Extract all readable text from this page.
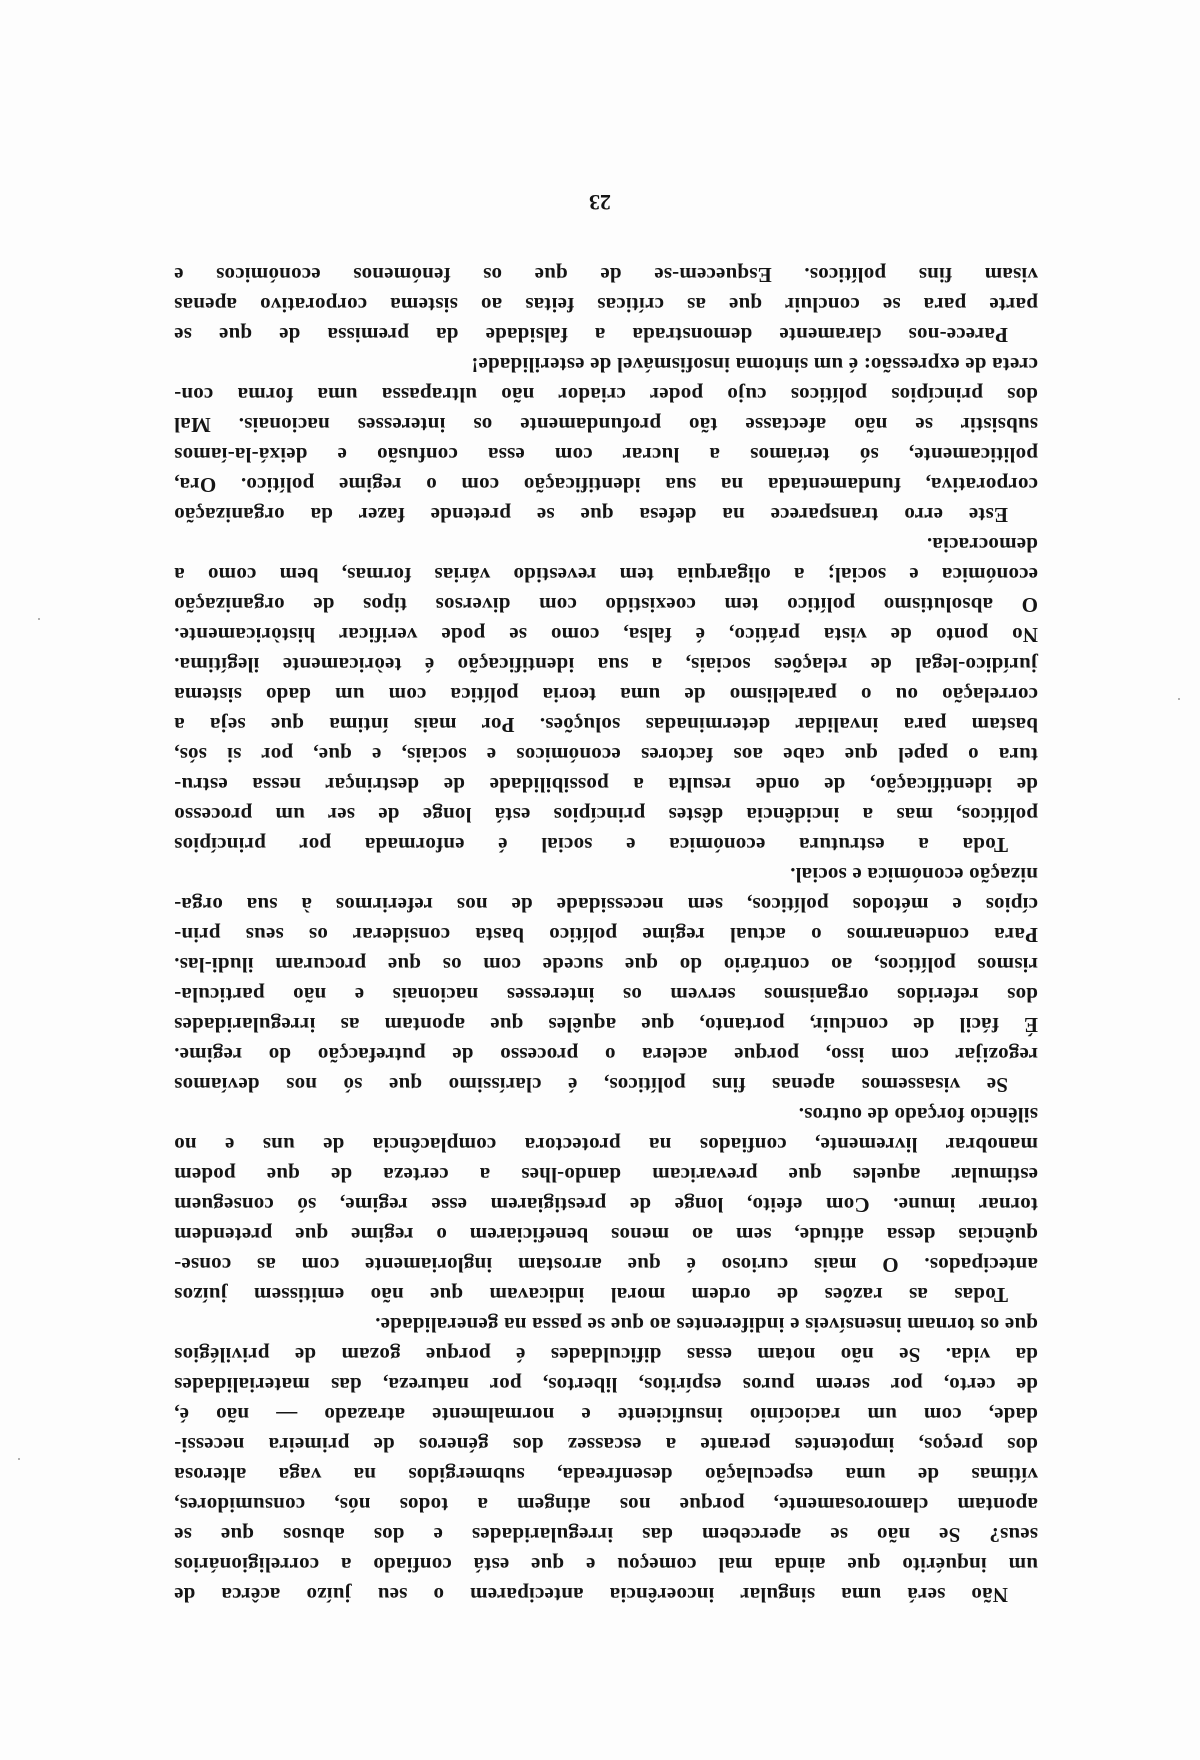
Não será uma singular incoerência anteciparem o seu juízo acêrca de
um inquérito que ainda mal começou e que está confiado a correligionários
seus? Se não se apercebem das irregularidades e dos abusos que se
apontam clamorosamente, porque nos atingem a todos nós, consumidores,
vítimas de uma especulação desenfreada, submergidos na vaga alterosa
dos preços, impotentes perante a escassez dos géneros de primeira necessi-
dade, com um raciocínio insuficiente e normalmente atrazado — não é,
de certo, por serem puros espíritos, libertos, por natureza, das materialidades
da vida. Se não notam essas dificuldades é porque gozam de privilégios
que os tornam insensíveis e indiferentes ao que se passa na generalidade.
Todas as razões de ordem moral indicavam que não emitissem juízos
antecipados. O mais curioso é que arrostam ingloriamente com as conse-
quências dessa atitude, sem ao menos beneficiarem o regime que pretendem
tornar imune. Com efeito, longe de prestigiarem esse regime, só conseguem
estimular aqueles que prevaricam dando-lhes a certeza de que podem
manobrar livremente, confiados na protectora complacência de uns e no
silêncio forçado de outros.
Se visassemos apenas fins políticos, é claríssimo que só nos devíamos
regozijar com isso, porque acelera o processo de putrefacção do regime.
É fácil de concluir, portanto, que aquêles que apontam as irregularidades
dos referidos organismos servem os interesses nacionais e não particula-
rismos políticos, ao contrário do que sucede com os que procuram iludi-las.
Para condenarmos o actual regime político basta considerar os seus prin-
cípios e métodos políticos, sem necessidade de nos referirmos à sua orga-
nização económica e social.
Toda a estrutura económica e social é enformada por princípios
políticos, mas a incidência dêstes princípios está longe de ser um processo
de identificação, de onde resulta a possibilidade de destrinçar nessa estru-
tura o papel que cabe aos factores económicos e sociais, e que, por si sós,
bastam para invalidar determinadas soluções. Por mais íntima que seja a
correlação ou o paralelismo de uma teoria política com um dado sistema
jurídico-legal de relações sociais, a sua identificação é teòricamente ilegítima.
No ponto de vista prático, é falsa, como se pode verificar històricamente.
O absolutismo político tem coexistido com diversos tipos de organização
económica e social; a oligarquia tem revestido várias formas, bem como a
democracia.
Este erro transparece na defesa que se pretende fazer da organização
corporativa, fundamentada na sua identificação com o regime político. Ora,
politicamente, só teríamos a lucrar com essa confusão e deixá-la-íamos
subsistir se não afectasse tão profundamente os interesses nacionais. Mal
dos princípios políticos cujo poder criador não ultrapassa uma forma con-
creta de expressão: é um sintoma insofismável de esterilidade!
Parece-nos claramente demonstrada a falsidade da premissa de que se
parte para se concluir que as críticas feitas ao sistema corporativo apenas
visam fins políticos. Esquecem-se de que os fenómenos económicos e
23
